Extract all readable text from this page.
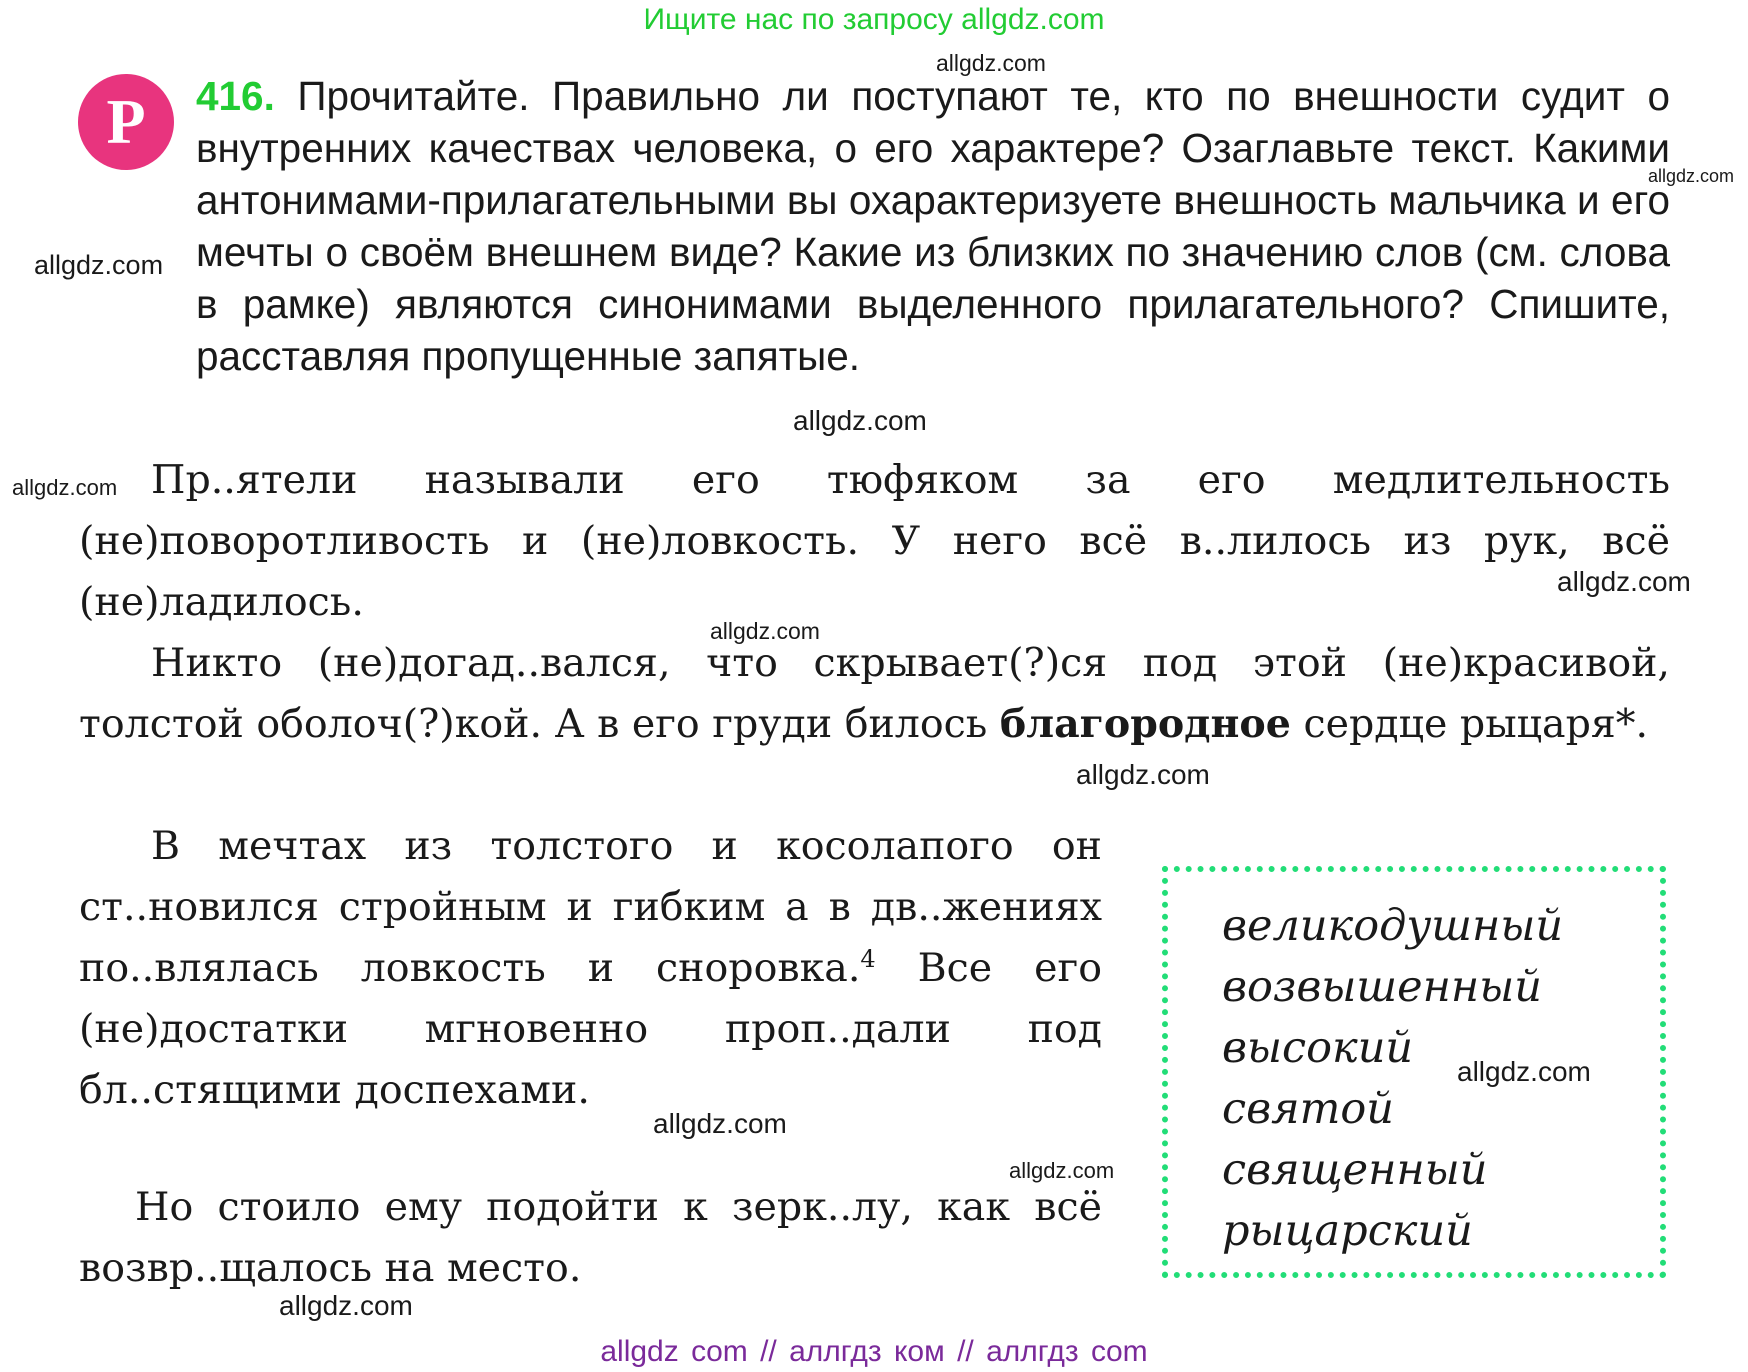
Ищите нас по запросу allgdz.com
Р	416. Прочитайте. Правильно ли поступают те, кто по внешности судит о внутренних качествах человека, о его характере? Озаглавьте текст. Какими антонимами-прилагательными вы охарактеризуете внешность мальчика и его мечты о своём внешнем виде? Какие из близких по значению слов (см. слова в рамке) являются синонимами выделенного прилагательного? Спишите, расставляя пропущенные запятые.

Пр..ятели называли его тюфяком за его медлительность (не)поворотливость и (не)ловкость. У него всё в..лилось из рук, всё (не)ладилось.

Никто (не)догад..вался, что скрывает(?)ся под этой (не)красивой, толстой оболоч(?)кой. А в его груди билось благородное сердце рыцаря*.

В мечтах из толстого и косолапого он ст..новился стройным и гибким а в дв..жениях по..влялась ловкость и сноровка.$^4$ Все его (не)достатки мгновенно проп..дали под бл..стящими доспехами.

Но стоило ему подойти к зерк..лу, как всё возвр..щалось на место.

великодушный
возвышенный
высокий
святой
священный
рыцарский
allgdz.com
allgdz.com
allgdz.com
allgdz.com
allgdz.com
allgdz.com
allgdz.com
allgdz.com
allgdz.com
allgdz.com
allgdz.com
allgdz.com
allgdz com // аллгдз ком // аллгдз com
